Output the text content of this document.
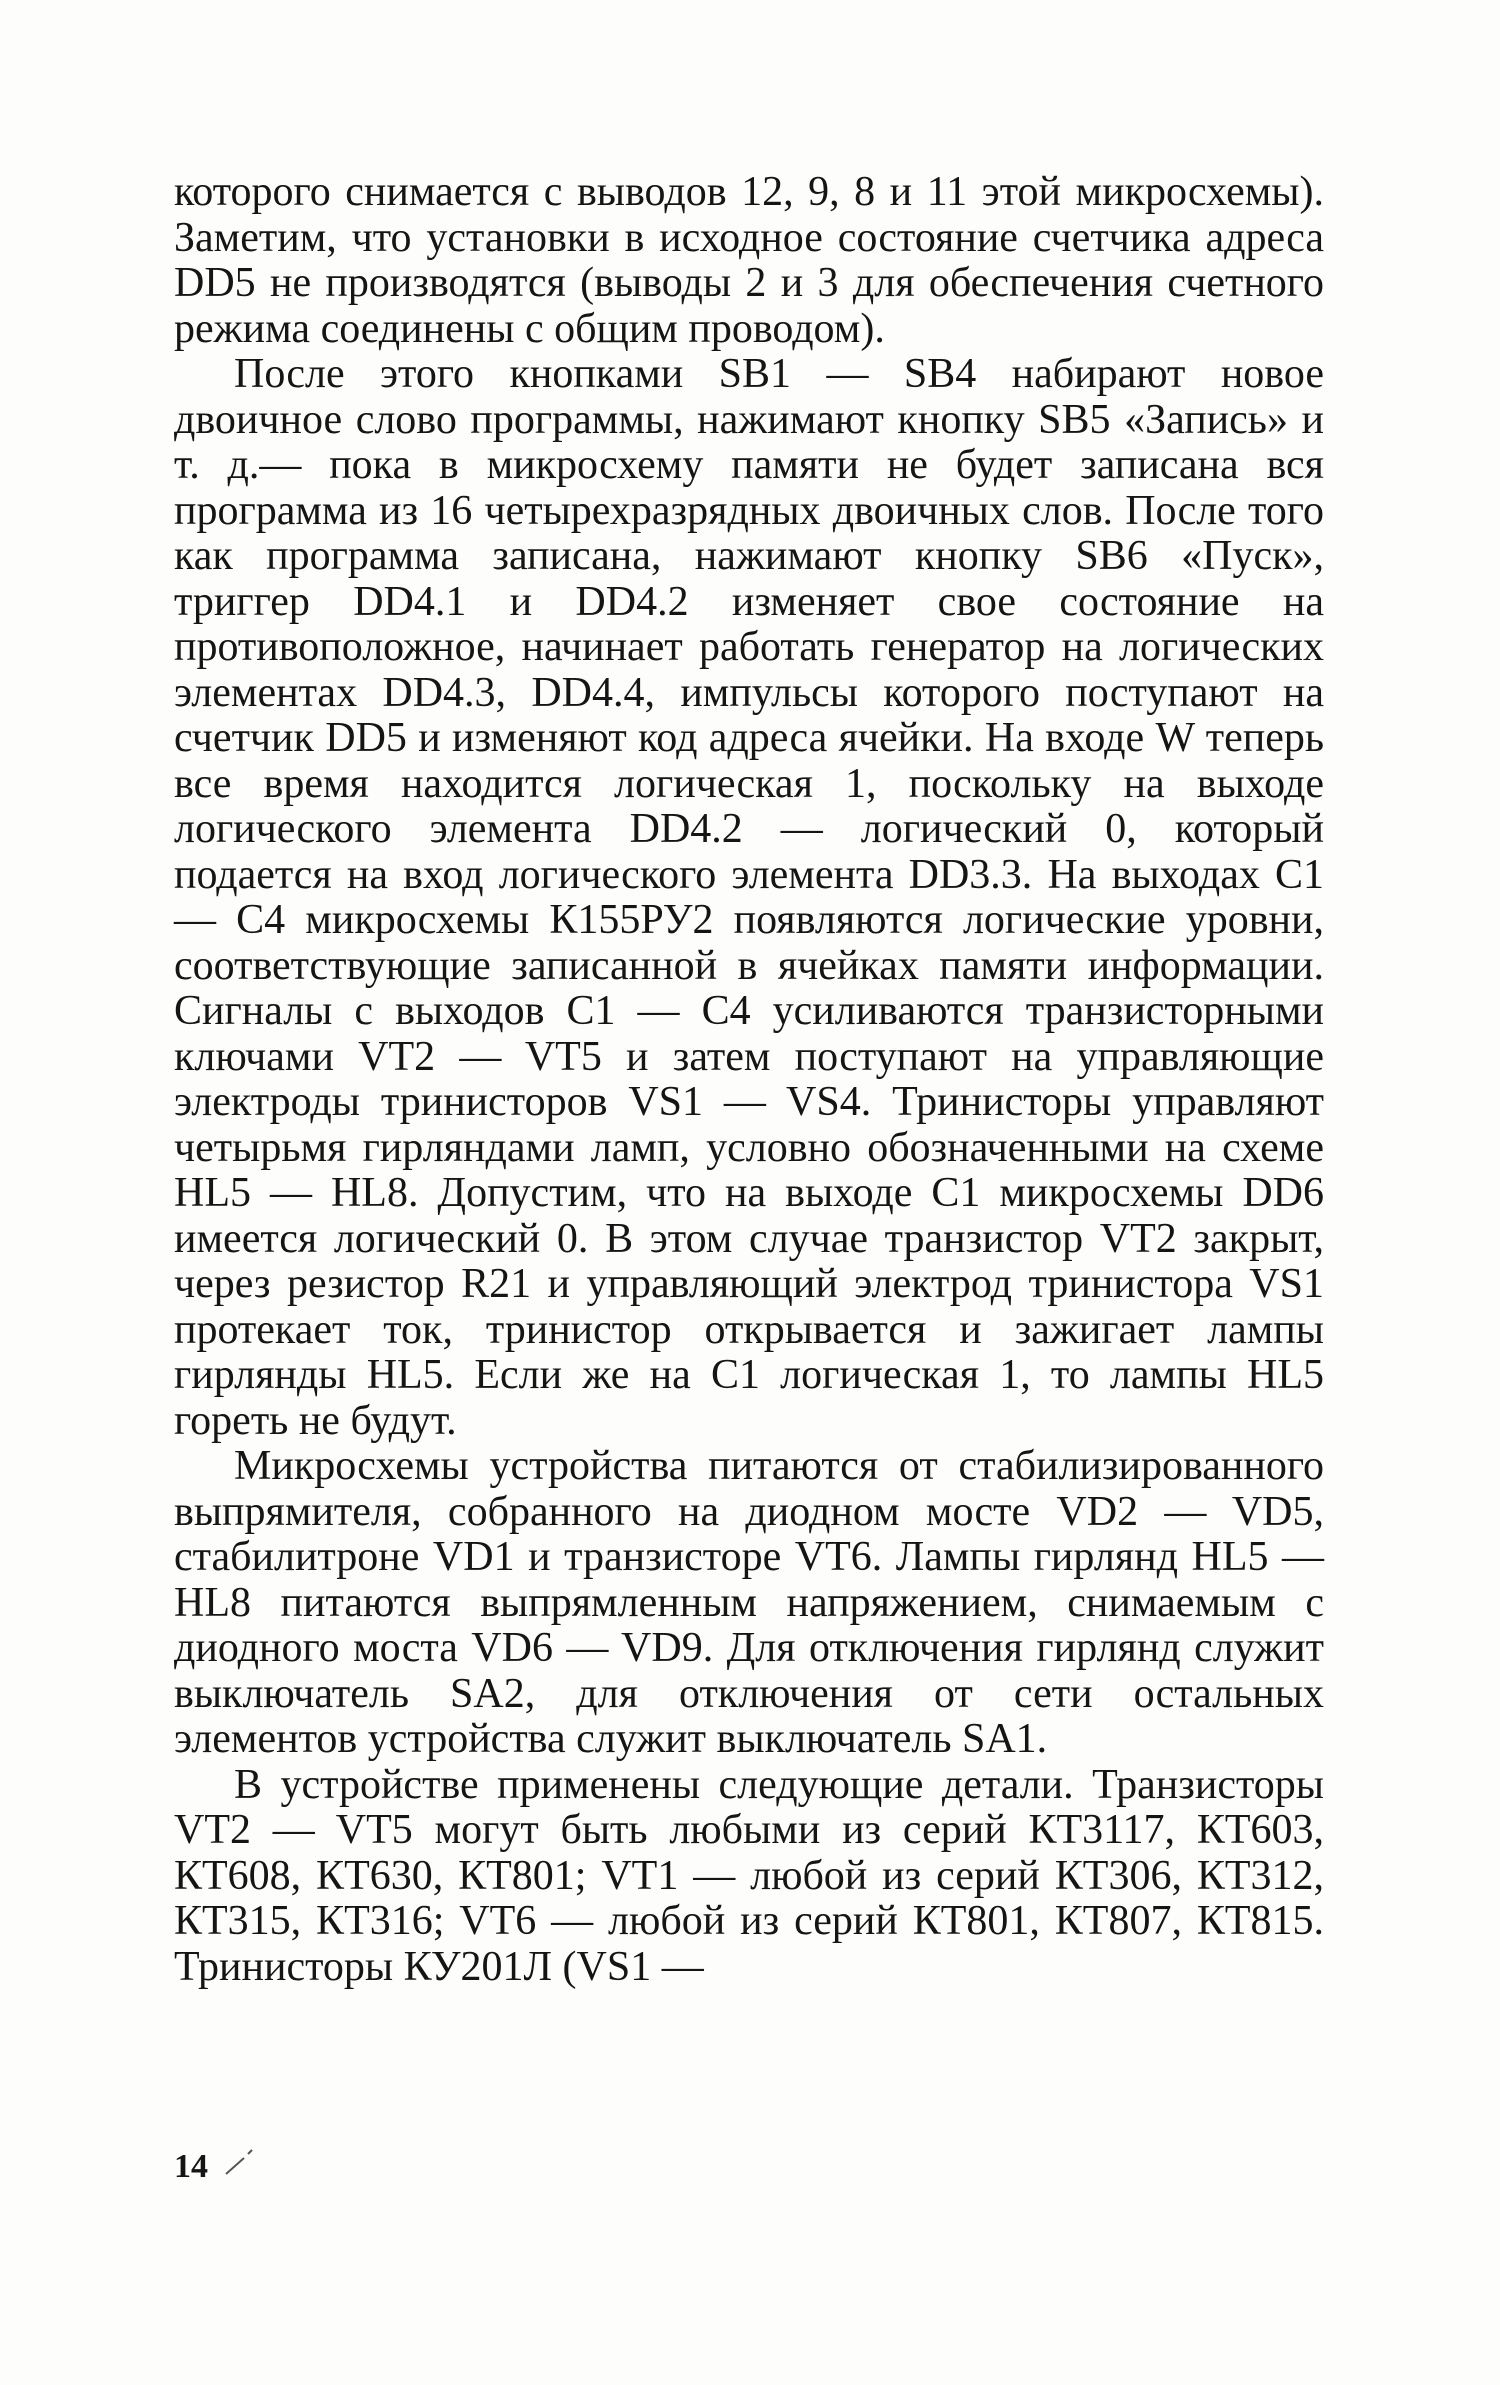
которого снимается с выводов 12, 9, 8 и 11 этой микросхемы). Заметим, что установки в исходное состояние счетчика адреса DD5 не производятся (выводы 2 и 3 для обеспечения счетного режима соединены с общим проводом).

После этого кнопками SB1 — SB4 набирают новое двоичное слово программы, нажимают кнопку SB5 «Запись» и т. д.— пока в микросхему памяти не будет записана вся программа из 16 четырехразрядных двоичных слов. После того как программа записана, нажимают кнопку SB6 «Пуск», триггер DD4.1 и DD4.2 изменяет свое состояние на противоположное, начинает работать генератор на логических элементах DD4.3, DD4.4, импульсы которого поступают на счетчик DD5 и изменяют код адреса ячейки. На входе W теперь все время находится логическая 1, поскольку на выходе логического элемента DD4.2 — логический 0, который подается на вход логического элемента DD3.3. На выходах C1 — C4 микросхемы К155РУ2 появляются логические уровни, соответствующие записанной в ячейках памяти информации. Сигналы с выходов C1 — C4 усиливаются транзисторными ключами VT2 — VT5 и затем поступают на управляющие электроды тринисторов VS1 — VS4. Тринисторы управляют четырьмя гирляндами ламп, условно обозначенными на схеме HL5 — HL8. Допустим, что на выходе C1 микросхемы DD6 имеется логический 0. В этом случае транзистор VT2 закрыт, через резистор R21 и управляющий электрод тринистора VS1 протекает ток, тринистор открывается и зажигает лампы гирлянды HL5. Если же на C1 логическая 1, то лампы HL5 гореть не будут.

Микросхемы устройства питаются от стабилизированного выпрямителя, собранного на диодном мосте VD2 — VD5, стабилитроне VD1 и транзисторе VT6. Лампы гирлянд HL5 — HL8 питаются выпрямленным напряжением, снимаемым с диодного моста VD6 — VD9. Для отключения гирлянд служит выключатель SA2, для отключения от сети остальных элементов устройства служит выключатель SA1.

В устройстве применены следующие детали. Транзисторы VT2 — VT5 могут быть любыми из серий КТ3117, КТ603, КТ608, КТ630, КТ801; VT1 — любой из серий КТ306, КТ312, КТ315, КТ316; VT6 — любой из серий КТ801, КТ807, КТ815. Тринисторы КУ201Л (VS1 —

14
